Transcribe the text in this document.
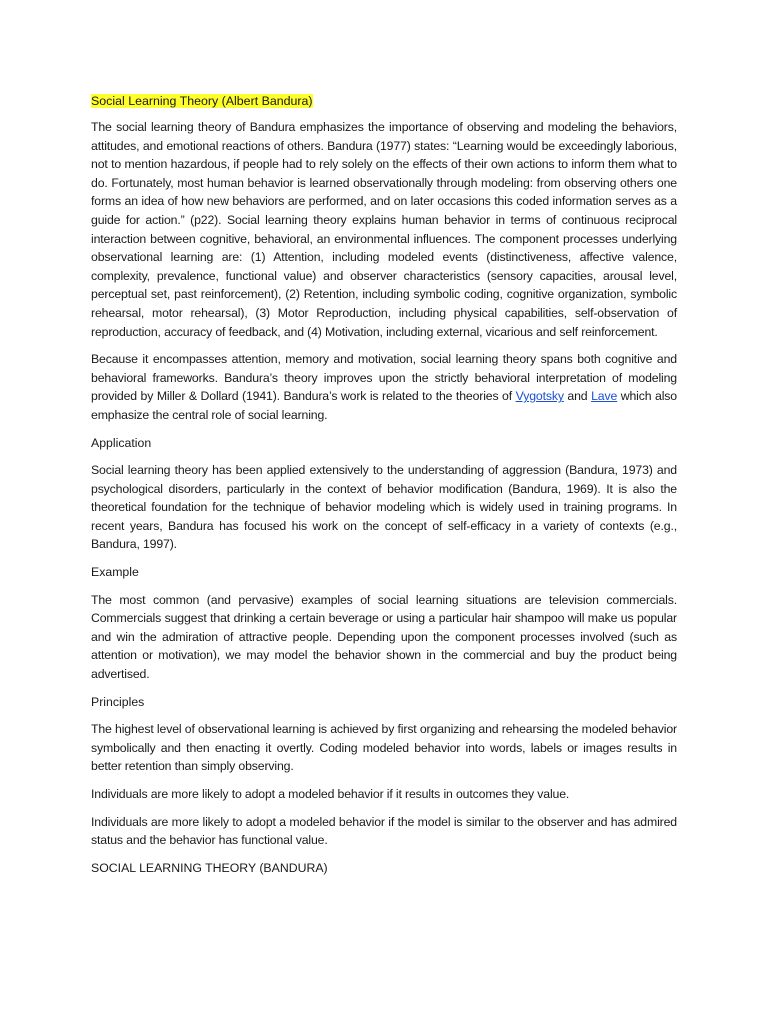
Social Learning Theory (Albert Bandura)

The social learning theory of Bandura emphasizes the importance of observing and modeling the behaviors, attitudes, and emotional reactions of others. Bandura (1977) states: “Learning would be exceedingly laborious, not to mention hazardous, if people had to rely solely on the effects of their own actions to inform them what to do. Fortunately, most human behavior is learned observationally through modeling: from observing others one forms an idea of how new behaviors are performed, and on later occasions this coded information serves as a guide for action.” (p22). Social learning theory explains human behavior in terms of continuous reciprocal interaction between cognitive, behavioral, an environmental influences. The component processes underlying observational learning are: (1) Attention, including modeled events (distinctiveness, affective valence, complexity, prevalence, functional value) and observer characteristics (sensory capacities, arousal level, perceptual set, past reinforcement), (2) Retention, including symbolic coding, cognitive organization, symbolic rehearsal, motor rehearsal), (3) Motor Reproduction, including physical capabilities, self-observation of reproduction, accuracy of feedback, and (4) Motivation, including external, vicarious and self reinforcement.

Because it encompasses attention, memory and motivation, social learning theory spans both cognitive and behavioral frameworks. Bandura’s theory improves upon the strictly behavioral interpretation of modeling provided by Miller & Dollard (1941). Bandura’s work is related to the theories of Vygotsky and Lave which also emphasize the central role of social learning.

Application

Social learning theory has been applied extensively to the understanding of aggression (Bandura, 1973) and psychological disorders, particularly in the context of behavior modification (Bandura, 1969). It is also the theoretical foundation for the technique of behavior modeling which is widely used in training programs. In recent years, Bandura has focused his work on the concept of self-efficacy in a variety of contexts (e.g., Bandura, 1997).

Example

The most common (and pervasive) examples of social learning situations are television commercials. Commercials suggest that drinking a certain beverage or using a particular hair shampoo will make us popular and win the admiration of attractive people. Depending upon the component processes involved (such as attention or motivation), we may model the behavior shown in the commercial and buy the product being advertised.

Principles

The highest level of observational learning is achieved by first organizing and rehearsing the modeled behavior symbolically and then enacting it overtly. Coding modeled behavior into words, labels or images results in better retention than simply observing.

Individuals are more likely to adopt a modeled behavior if it results in outcomes they value.

Individuals are more likely to adopt a modeled behavior if the model is similar to the observer and has admired status and the behavior has functional value.

SOCIAL LEARNING THEORY (BANDURA)
